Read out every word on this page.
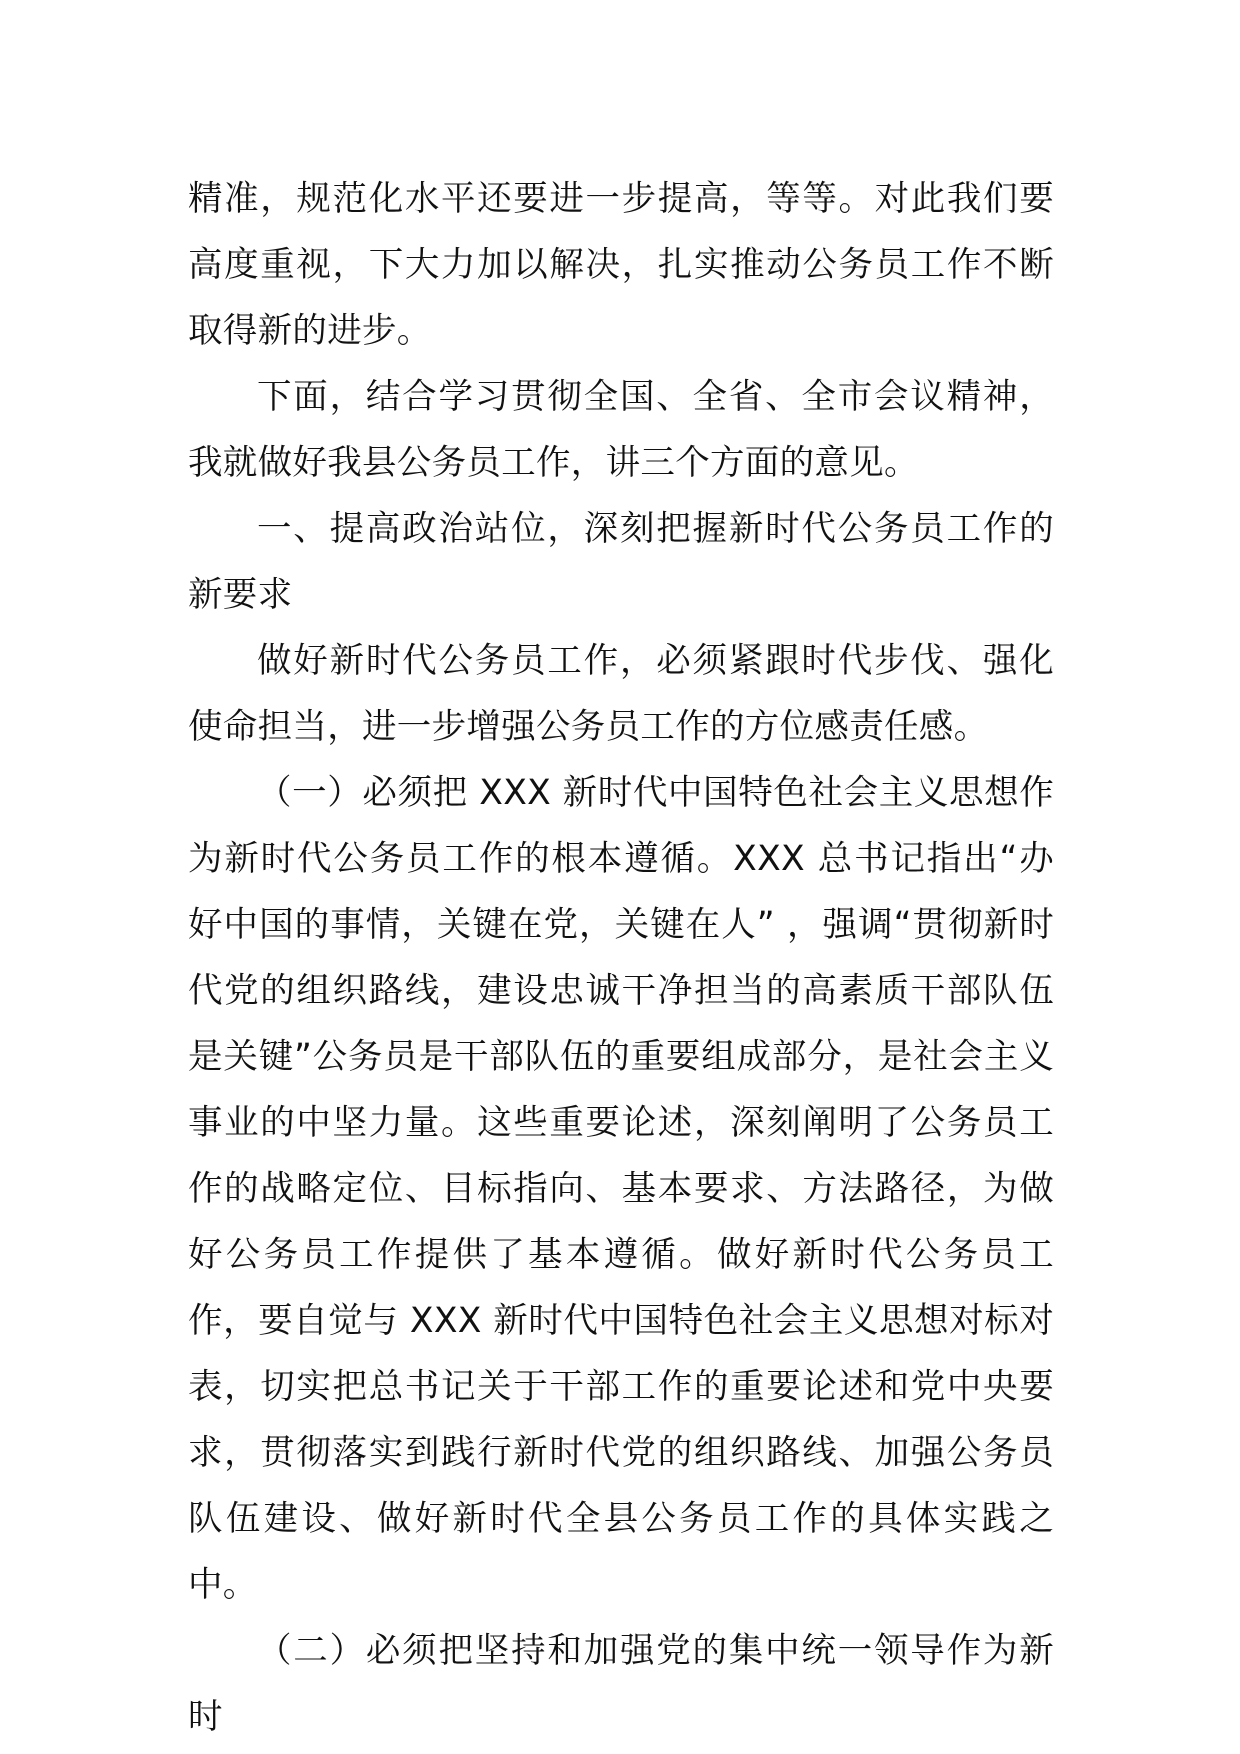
精准，规范化水平还要进一步提高，等等。对此我们要高度重视，下大力加以解决，扎实推动公务员工作不断取得新的进步。

下面，结合学习贯彻全国、全省、全市会议精神，我就做好我县公务员工作，讲三个方面的意见。

一、提高政治站位，深刻把握新时代公务员工作的新要求

做好新时代公务员工作，必须紧跟时代步伐、强化使命担当，进一步增强公务员工作的方位感责任感。

（一）必须把 XXX 新时代中国特色社会主义思想作为新时代公务员工作的根本遵循。XXX 总书记指出“办好中国的事情，关键在党，关键在人” ，强调“贯彻新时代党的组织路线，建设忠诚干净担当的高素质干部队伍是关键”公务员是干部队伍的重要组成部分，是社会主义事业的中坚力量。这些重要论述，深刻阐明了公务员工作的战略定位、目标指向、基本要求、方法路径，为做好公务员工作提供了基本遵循。做好新时代公务员工作，要自觉与 XXX 新时代中国特色社会主义思想对标对表，切实把总书记关于干部工作的重要论述和党中央要求，贯彻落实到践行新时代党的组织路线、加强公务员队伍建设、做好新时代全县公务员工作的具体实践之中。

（二）必须把坚持和加强党的集中统一领导作为新时
